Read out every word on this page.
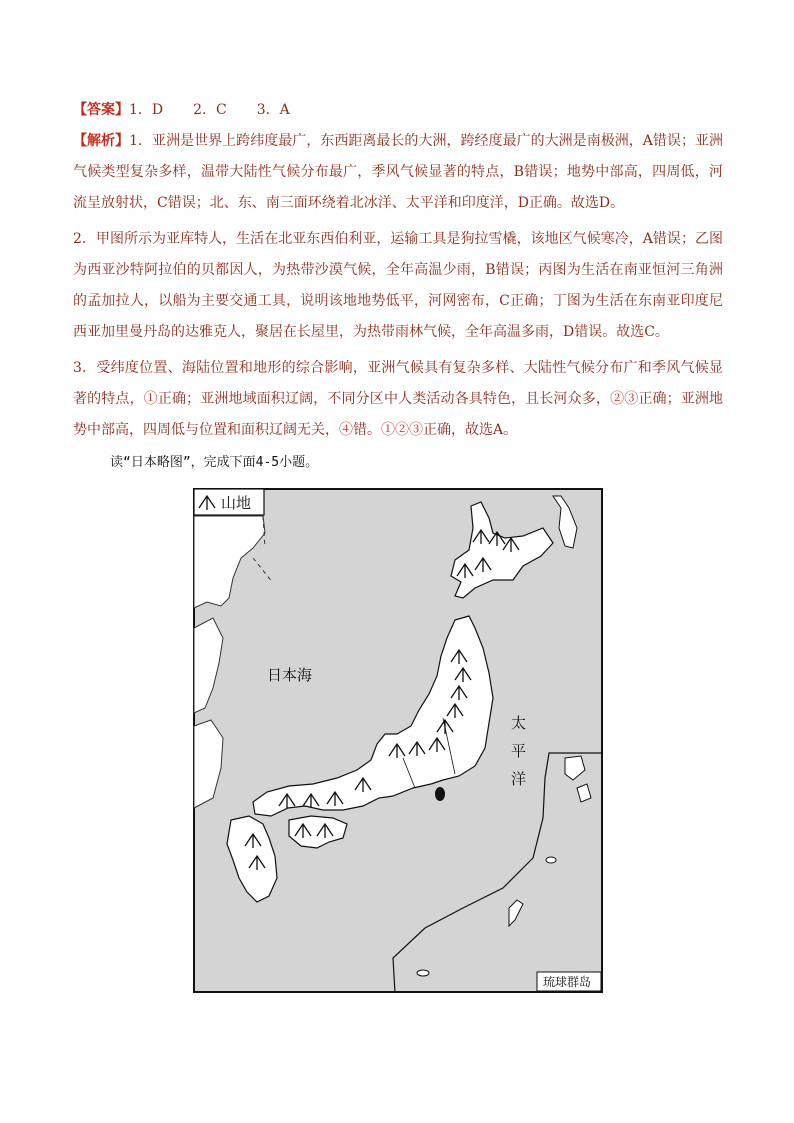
【答案】1．D 2．C 3．A
【解析】1．亚洲是世界上跨纬度最广，东西距离最长的大洲，跨经度最广的大洲是南极洲，A错误；亚洲气候类型复杂多样，温带大陆性气候分布最广，季风气候显著的特点，B错误；地势中部高，四周低，河流呈放射状，C错误；北、东、南三面环绕着北冰洋、太平洋和印度洋，D正确。故选D。
2．甲图所示为亚库特人，生活在北亚东西伯利亚，运输工具是狗拉雪橇，该地区气候寒冷，A错误；乙图为西亚沙特阿拉伯的贝都因人，为热带沙漠气候，全年高温少雨，B错误；丙图为生活在南亚恒河三角洲的孟加拉人，以船为主要交通工具，说明该地地势低平，河网密布，C正确；丁图为生活在东南亚印度尼西亚加里曼丹岛的达雅克人，聚居在长屋里，为热带雨林气候，全年高温多雨，D错误。故选C。
3．受纬度位置、海陆位置和地形的综合影响，亚洲气候具有复杂多样、大陆性气候分布广和季风气候显著的特点，①正确；亚洲地域面积辽阔，不同分区中人类活动各具特色，且长河众多，②③正确；亚洲地势中部高，四周低与位置和面积辽阔无关，④错。①②③正确，故选A。
读“日本略图”，完成下面4-5小题。
山地
日本海
太
平
洋
琉球群岛
